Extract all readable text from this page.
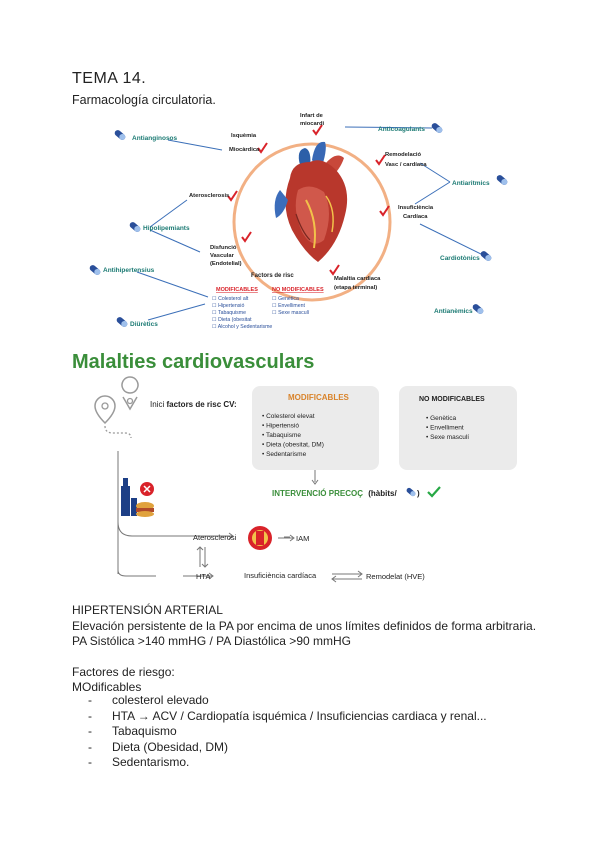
TEMA 14.
Farmacología circulatoria.
Antianginosos
Anticoagulants
Antiaritmics
Hipolipemiants
Antihipertensius
Cardiotònics
Diürètics
Antianèmics
Infart de
miocardi
Isquèmia
Miocàrdica
Remodelació
Vasc / cardíaca
Aterosclerosis
Insuficiència
Cardíaca
Disfunció
Vascular
(Endotelial)
Malaltia cardiaca
(etapa terminal)
Factors de risc
MODIFICABLES	NO MODIFICABLES
☐ Colesterol alt
☐ Hipertensió
☐ Tabaquisme
☐ Dieta (obesitat
☐ Alcohol y Sedentarisme
☐ Genètica
☐ Envelliment
☐ Sexe masculí
Malalties cardiovasculars
Inici factors de risc CV:
MODIFICABLES	NO MODIFICABLES
• Colesterol elevat
• Hipertensió
• Tabaquisme
• Dieta (obesitat, DM)
• Sedentarisme
• Genètica
• Envelliment
• Sexe masculí
INTERVENCIÓ PRECOÇ (hàbits/	)
Aterosclerosi	IAM
HTA	Insuficiència cardíaca	Remodelat (HVE)
HIPERTENSIÓN ARTERIAL
Elevación persistente de la PA por encima de unos límites definidos de forma arbitraria.
PA Sistólica >140 mmHG / PA Diastólica >90 mmHG
Factores de riesgo:
MOdificables
-	colesterol elevado
-	HTA → ACV / Cardiopatía isquémica / Insuficiencias cardiaca y renal...
-	Tabaquismo
-	Dieta (Obesidad, DM)
-	Sedentarismo.
